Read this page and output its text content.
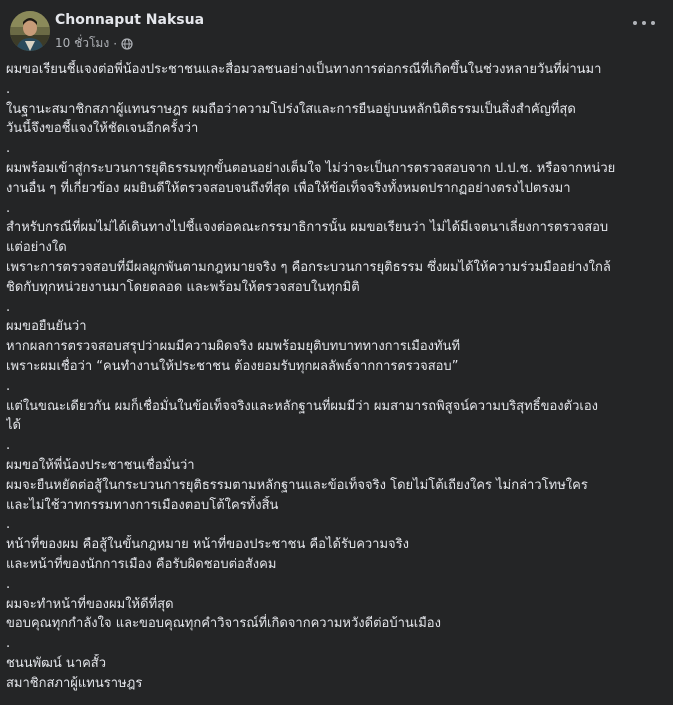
Chonnaput Naksua
10 ชั่วโมง ·
ผมขอเรียนชี้แจงต่อพี่น้องประชาชนและสื่อมวลชนอย่างเป็นทางการต่อกรณีที่เกิดขึ้นในช่วงหลายวันที่ผ่านมา
.
ในฐานะสมาชิกสภาผู้แทนราษฎร ผมถือว่าความโปร่งใสและการยืนอยู่บนหลักนิติธรรมเป็นสิ่งสำคัญที่สุด
วันนี้จึงขอชี้แจงให้ชัดเจนอีกครั้งว่า
.
ผมพร้อมเข้าสู่กระบวนการยุติธรรมทุกขั้นตอนอย่างเต็มใจ ไม่ว่าจะเป็นการตรวจสอบจาก ป.ป.ช. หรือจากหน่วย
งานอื่น ๆ ที่เกี่ยวข้อง ผมยินดีให้ตรวจสอบจนถึงที่สุด เพื่อให้ข้อเท็จจริงทั้งหมดปรากฏอย่างตรงไปตรงมา
.
สำหรับกรณีที่ผมไม่ได้เดินทางไปชี้แจงต่อคณะกรรมาธิการนั้น ผมขอเรียนว่า ไม่ได้มีเจตนาเลี่ยงการตรวจสอบ
แต่อย่างใด
เพราะการตรวจสอบที่มีผลผูกพันตามกฎหมายจริง ๆ คือกระบวนการยุติธรรม ซึ่งผมได้ให้ความร่วมมืออย่างใกล้
ชิดกับทุกหน่วยงานมาโดยตลอด และพร้อมให้ตรวจสอบในทุกมิติ
.
ผมขอยืนยันว่า
หากผลการตรวจสอบสรุปว่าผมมีความผิดจริง ผมพร้อมยุติบทบาททางการเมืองทันที
เพราะผมเชื่อว่า “คนทำงานให้ประชาชน ต้องยอมรับทุกผลลัพธ์จากการตรวจสอบ”
.
แต่ในขณะเดียวกัน ผมก็เชื่อมั่นในข้อเท็จจริงและหลักฐานที่ผมมีว่า ผมสามารถพิสูจน์ความบริสุทธิ์ของตัวเอง
ได้
.
ผมขอให้พี่น้องประชาชนเชื่อมั่นว่า
ผมจะยืนหยัดต่อสู้ในกระบวนการยุติธรรมตามหลักฐานและข้อเท็จจริง โดยไม่โต้เถียงใคร ไม่กล่าวโทษใคร
และไม่ใช้วาทกรรมทางการเมืองตอบโต้ใครทั้งสิ้น
.
หน้าที่ของผม คือสู้ในขั้นกฎหมาย หน้าที่ของประชาชน คือได้รับความจริง
และหน้าที่ของนักการเมือง คือรับผิดชอบต่อสังคม
.
ผมจะทำหน้าที่ของผมให้ดีที่สุด
ขอบคุณทุกกำลังใจ และขอบคุณทุกคำวิจารณ์ที่เกิดจากความหวังดีต่อบ้านเมือง
.
ชนนพัฒน์ นาคสั้ว
สมาชิกสภาผู้แทนราษฎร
